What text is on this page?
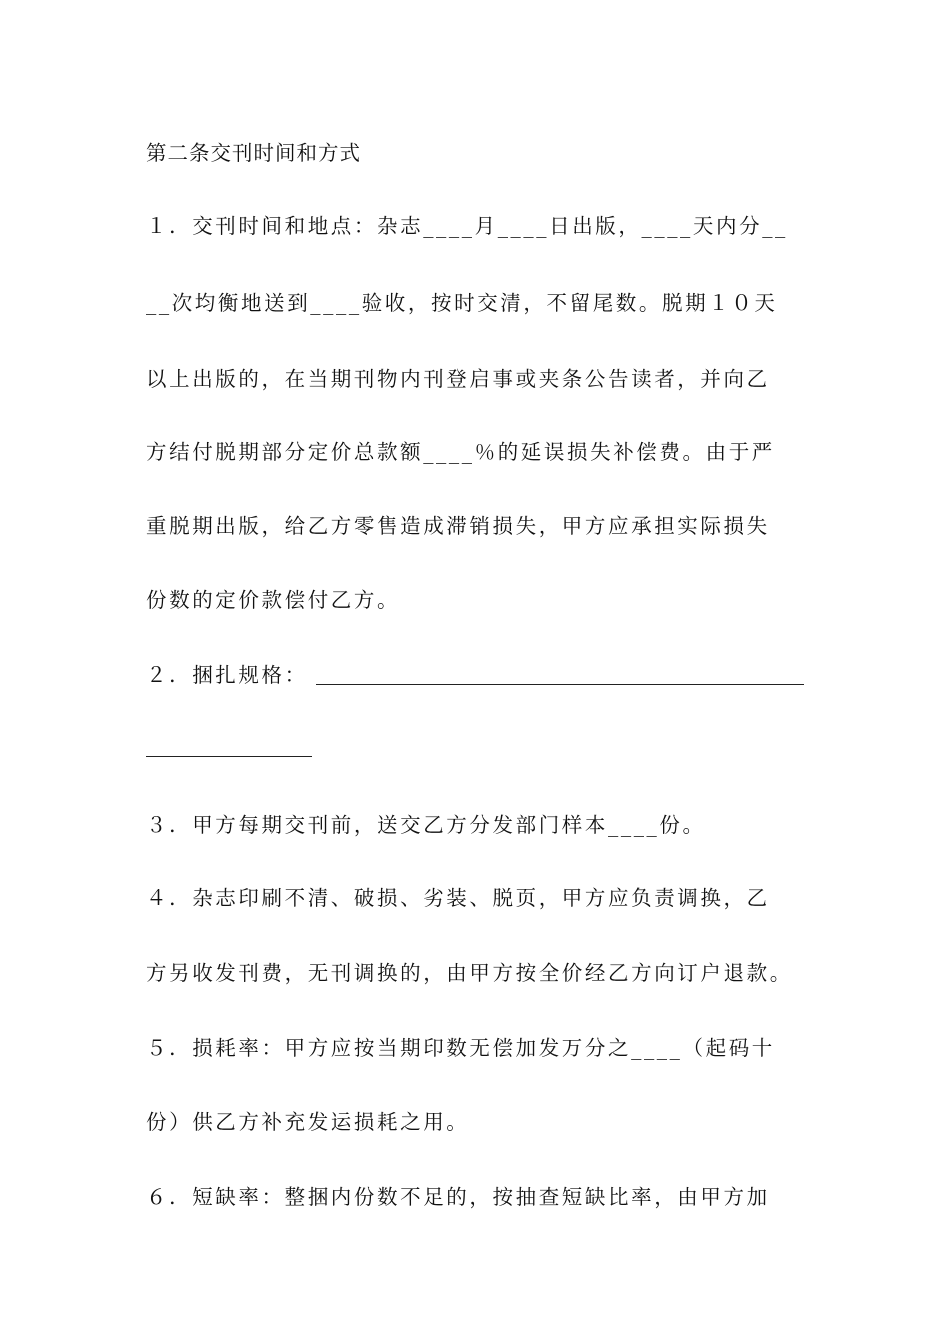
第二条交刊时间和方式
１．交刊时间和地点：杂志____月____日出版，____天内分__
__次均衡地送到____验收，按时交清，不留尾数。脱期１０天
以上出版的，在当期刊物内刊登启事或夹条公告读者，并向乙
方结付脱期部分定价总款额____％的延误损失补偿费。由于严
重脱期出版，给乙方零售造成滞销损失，甲方应承担实际损失
份数的定价款偿付乙方。
２．捆扎规格：
３．甲方每期交刊前，送交乙方分发部门样本____份。
４．杂志印刷不清、破损、劣装、脱页，甲方应负责调换，乙
方另收发刊费，无刊调换的，由甲方按全价经乙方向订户退款。
５．损耗率：甲方应按当期印数无偿加发万分之____（起码十
份）供乙方补充发运损耗之用。
６．短缺率：整捆内份数不足的，按抽查短缺比率，由甲方加
